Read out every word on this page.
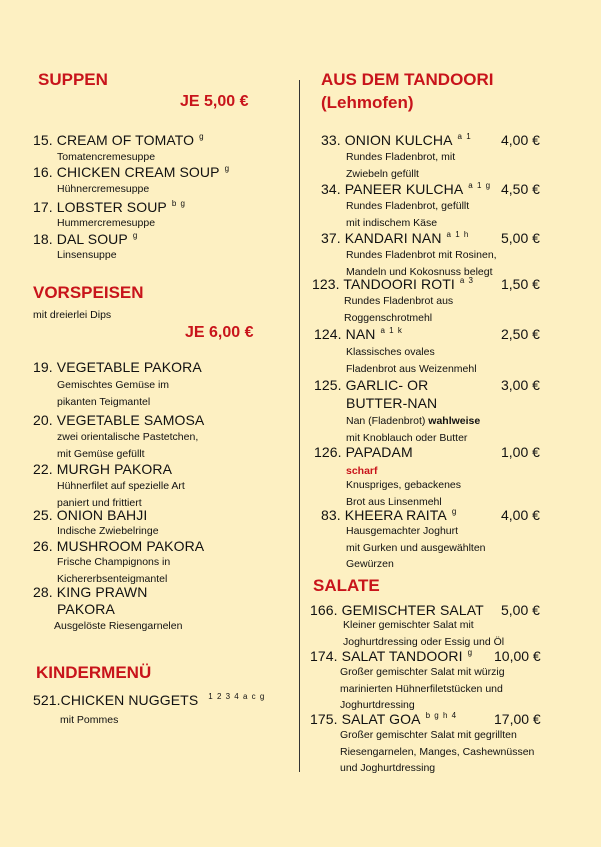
SUPPEN
JE 5,00 €
15. CREAM OF TOMATO $^g$
Tomatencremesuppe
16. CHICKEN CREAM SOUP $^g$
Hühnercremesuppe
17. LOBSTER SOUP $^{b g}$
Hummercremesuppe
18. DAL SOUP $^g$
Linsensuppe
VORSPEISEN
mit dreierlei Dips
JE 6,00 €
19. VEGETABLE PAKORA
Gemischtes Gemüse im
pikanten Teigmantel
20. VEGETABLE SAMOSA
zwei orientalische Pastetchen,
mit Gemüse gefüllt
22. MURGH PAKORA
Hühnerfilet auf spezielle Art
paniert und frittiert
25. ONION BAHJI
Indische Zwiebelringe
26. MUSHROOM PAKORA
Frische Champignons in
Kichererbsenteigmantel
28. KING PRAWN
PAKORA
Ausgelöste Riesengarnelen
KINDERMENÜ
521.CHICKEN NUGGETS $^{1 2 3 4 a c g}$
mit Pommes
AUS DEM TANDOORI
(Lehmofen)
33. ONION KULCHA $^{a 1}$ 4,00 €
Rundes Fladenbrot, mit
Zwiebeln gefüllt
34. PANEER KULCHA $^{a 1 g}$ 4,50 €
Rundes Fladenbrot, gefüllt
mit indischem Käse
37. KANDARI NAN $^{a 1 h}$ 5,00 €
Rundes Fladenbrot mit Rosinen,
Mandeln und Kokosnuss belegt
123. TANDOORI ROTI $^{a 3}$ 1,50 €
Rundes Fladenbrot aus
Roggenschrotmehl
124. NAN $^{a 1 k}$	2,50 €
Klassisches ovales
Fladenbrot aus Weizenmehl
125. GARLIC- OR	3,00 €
BUTTER-NAN
Nan (Fladenbrot) wahlweise
mit Knoblauch oder Butter
126. PAPADAM	1,00 €
scharf
Knuspriges, gebackenes
Brot aus Linsenmehl
83. KHEERA RAITA $^g$	4,00 €
Hausgemachter Joghurt
mit Gurken und ausgewählten
Gewürzen
SALATE
166. GEMISCHTER SALAT 5,00 €
Kleiner gemischter Salat mit
Joghurtdressing oder Essig und Öl
174. SALAT TANDOORI $^g$ 10,00 €
Großer gemischter Salat mit würzig
marinierten Hühnerfiletstücken und
Joghurtdressing
175. SALAT GOA $^{b g h 4}$	17,00 €
Großer gemischter Salat mit gegrillten
Riesengarnelen, Manges, Cashewnüssen
und Joghurtdressing
